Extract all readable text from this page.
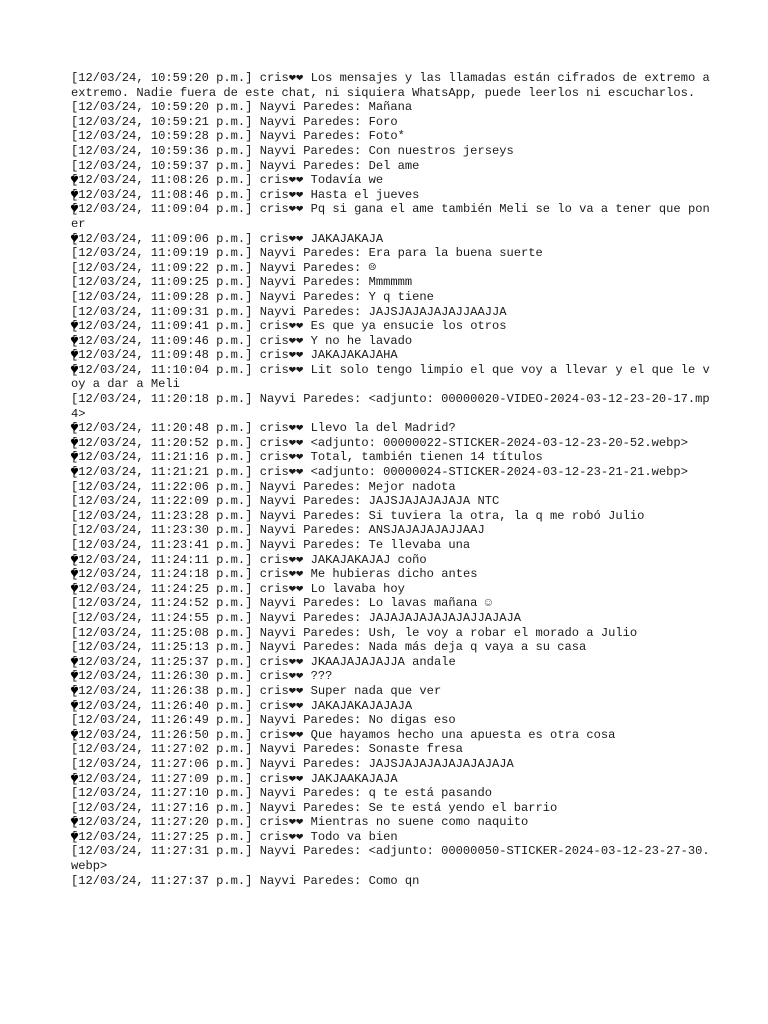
[12/03/24, 10:59:20 p.m.] cris❤❤ Los mensajes y las llamadas están cifrados de extremo a extremo. Nadie fuera de este chat, ni siquiera WhatsApp, puede leerlos ni escucharlos.
[12/03/24, 10:59:20 p.m.] Nayvi Paredes: Mañana
[12/03/24, 10:59:21 p.m.] Nayvi Paredes: Foro
[12/03/24, 10:59:28 p.m.] Nayvi Paredes: Foto*
[12/03/24, 10:59:36 p.m.] Nayvi Paredes: Con nuestros jerseys
[12/03/24, 10:59:37 p.m.] Nayvi Paredes: Del ame
♥
[12/03/24, 11:08:26 p.m.] cris❤❤ Todavía we
♥
[12/03/24, 11:08:46 p.m.] cris❤❤ Hasta el jueves
♥
[12/03/24, 11:09:04 p.m.] cris❤❤ Pq si gana el ame también Meli se lo va a tener que poner
♥
[12/03/24, 11:09:06 p.m.] cris❤❤ JAKAJAKAJA
[12/03/24, 11:09:19 p.m.] Nayvi Paredes: Era para la buena suerte
[12/03/24, 11:09:22 p.m.] Nayvi Paredes: ☹
[12/03/24, 11:09:25 p.m.] Nayvi Paredes: Mmmmmm
[12/03/24, 11:09:28 p.m.] Nayvi Paredes: Y q tiene
[12/03/24, 11:09:31 p.m.] Nayvi Paredes: JAJSJAJAJAJAJJAAJJA
♥
[12/03/24, 11:09:41 p.m.] cris❤❤ Es que ya ensucie los otros
♥
[12/03/24, 11:09:46 p.m.] cris❤❤ Y no he lavado
♥
[12/03/24, 11:09:48 p.m.] cris❤❤ JAKAJAKAJAHA
♥
[12/03/24, 11:10:04 p.m.] cris❤❤ Lit solo tengo limpio el que voy a llevar y el que le voy a dar a Meli
[12/03/24, 11:20:18 p.m.] Nayvi Paredes: <adjunto: 00000020-VIDEO-2024-03-12-23-20-17.mp4>
♥
[12/03/24, 11:20:48 p.m.] cris❤❤ Llevo la del Madrid?
♥
[12/03/24, 11:20:52 p.m.] cris❤❤ <adjunto: 00000022-STICKER-2024-03-12-23-20-52.webp>
♥
[12/03/24, 11:21:16 p.m.] cris❤❤ Total, también tienen 14 títulos
♥
[12/03/24, 11:21:21 p.m.] cris❤❤ <adjunto: 00000024-STICKER-2024-03-12-23-21-21.webp>
[12/03/24, 11:22:06 p.m.] Nayvi Paredes: Mejor nadota
[12/03/24, 11:22:09 p.m.] Nayvi Paredes: JAJSJAJAJAJAJA NTC
[12/03/24, 11:23:28 p.m.] Nayvi Paredes: Si tuviera la otra, la q me robó Julio
[12/03/24, 11:23:30 p.m.] Nayvi Paredes: ANSJAJAJAJAJJAAJ
[12/03/24, 11:23:41 p.m.] Nayvi Paredes: Te llevaba una
♥
[12/03/24, 11:24:11 p.m.] cris❤❤ JAKAJAKAJAJ coño
♥
[12/03/24, 11:24:18 p.m.] cris❤❤ Me hubieras dicho antes
♥
[12/03/24, 11:24:25 p.m.] cris❤❤ Lo lavaba hoy
[12/03/24, 11:24:52 p.m.] Nayvi Paredes: Lo lavas mañana ☺
[12/03/24, 11:24:55 p.m.] Nayvi Paredes: JAJAJAJAJAJAJAJJAJAJA
[12/03/24, 11:25:08 p.m.] Nayvi Paredes: Ush, le voy a robar el morado a Julio
[12/03/24, 11:25:13 p.m.] Nayvi Paredes: Nada más deja q vaya a su casa
♥
[12/03/24, 11:25:37 p.m.] cris❤❤ JKAAJAJAJAJJA andale
♥
[12/03/24, 11:26:30 p.m.] cris❤❤ ???
♥
[12/03/24, 11:26:38 p.m.] cris❤❤ Super nada que ver
♥
[12/03/24, 11:26:40 p.m.] cris❤❤ JAKAJAKAJAJAJA
[12/03/24, 11:26:49 p.m.] Nayvi Paredes: No digas eso
♥
[12/03/24, 11:26:50 p.m.] cris❤❤ Que hayamos hecho una apuesta es otra cosa
[12/03/24, 11:27:02 p.m.] Nayvi Paredes: Sonaste fresa
[12/03/24, 11:27:06 p.m.] Nayvi Paredes: JAJSJAJAJAJAJAJAJAJA
♥
[12/03/24, 11:27:09 p.m.] cris❤❤ JAKJAAKAJAJA
[12/03/24, 11:27:10 p.m.] Nayvi Paredes: q te está pasando
[12/03/24, 11:27:16 p.m.] Nayvi Paredes: Se te está yendo el barrio
♥
[12/03/24, 11:27:20 p.m.] cris❤❤ Mientras no suene como naquito
♥
[12/03/24, 11:27:25 p.m.] cris❤❤ Todo va bien
[12/03/24, 11:27:31 p.m.] Nayvi Paredes: <adjunto: 00000050-STICKER-2024-03-12-23-27-30.webp>
[12/03/24, 11:27:37 p.m.] Nayvi Paredes: Como qn
